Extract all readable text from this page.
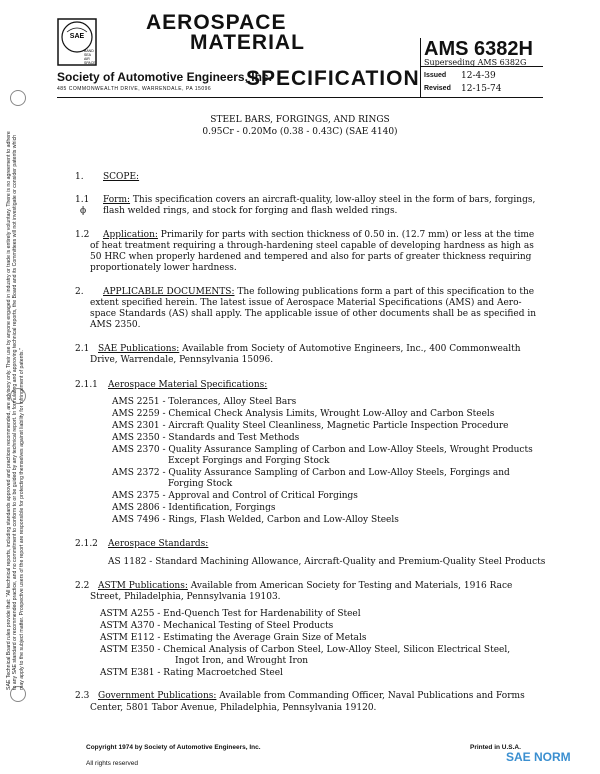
SAE Technical Board rules provide that: "All technical reports, including standards approved and practices recommended, are advisory only. Their use by anyone engaged in industry or trade is entirely voluntary. There is no agreement to adhere to any SAE standard or recommended practice, and no commitment to conform to or be guided by any technical report. In formulating and approving technical reports, the Board and its Committees will not investigate or consider patents which may apply to the subject matter. Prospective users of the report are responsible for protecting themselves against liability for infringement of patents."
SAE
BAND
SEA
AIR
SPACE
AEROSPACE
MATERIAL
SPECIFICATION
Society of Automotive Engineers, Inc.
485 COMMONWEALTH DRIVE, WARRENDALE, PA 15096
AMS 6382H
Superseding AMS 6382G
Issued 12-4-39
Revised 12-15-74
STEEL BARS, FORGINGS, AND RINGS
0.95Cr - 0.20Mo (0.38 - 0.43C) (SAE 4140)
1. SCOPE:
1.1 Form: This specification covers an aircraft-quality, low-alloy steel in the form of bars, forgings,
ϕ flash welded rings, and stock for forging and flash welded rings.
1.2 Application: Primarily for parts with section thickness of 0.50 in. (12.7 mm) or less at the time
of heat treatment requiring a through-hardening steel capable of developing hardness as high as
50 HRC when properly hardened and tempered and also for parts of greater thickness requiring
proportionately lower hardness.
2. APPLICABLE DOCUMENTS: The following publications form a part of this specification to the
extent specified herein. The latest issue of Aerospace Material Specifications (AMS) and Aero-
space Standards (AS) shall apply. The applicable issue of other documents shall be as specified in
AMS 2350.
2.1 SAE Publications: Available from Society of Automotive Engineers, Inc., 400 Commonwealth
Drive, Warrendale, Pennsylvania 15096.
2.1.1 Aerospace Material Specifications:
AMS 2251 - Tolerances, Alloy Steel Bars
AMS 2259 - Chemical Check Analysis Limits, Wrought Low-Alloy and Carbon Steels
AMS 2301 - Aircraft Quality Steel Cleanliness, Magnetic Particle Inspection Procedure
AMS 2350 - Standards and Test Methods
AMS 2370 - Quality Assurance Sampling of Carbon and Low-Alloy Steels, Wrought Products
Except Forgings and Forging Stock
AMS 2372 - Quality Assurance Sampling of Carbon and Low-Alloy Steels, Forgings and
Forging Stock
AMS 2375 - Approval and Control of Critical Forgings
AMS 2806 - Identification, Forgings
AMS 7496 - Rings, Flash Welded, Carbon and Low-Alloy Steels
2.1.2 Aerospace Standards:
AS 1182 - Standard Machining Allowance, Aircraft-Quality and Premium-Quality Steel Products
2.2 ASTM Publications: Available from American Society for Testing and Materials, 1916 Race
Street, Philadelphia, Pennsylvania 19103.
ASTM A255 - End-Quench Test for Hardenability of Steel
ASTM A370 - Mechanical Testing of Steel Products
ASTM E112 - Estimating the Average Grain Size of Metals
ASTM E350 - Chemical Analysis of Carbon Steel, Low-Alloy Steel, Silicon Electrical Steel,
Ingot Iron, and Wrought Iron
ASTM E381 - Rating Macroetched Steel
2.3 Government Publications: Available from Commanding Officer, Naval Publications and Forms
Center, 5801 Tabor Avenue, Philadelphia, Pennsylvania 19120.
Copyright 1974 by Society of Automotive Engineers, Inc.
All rights reserved
Printed in U.S.A.
SAE NORM
